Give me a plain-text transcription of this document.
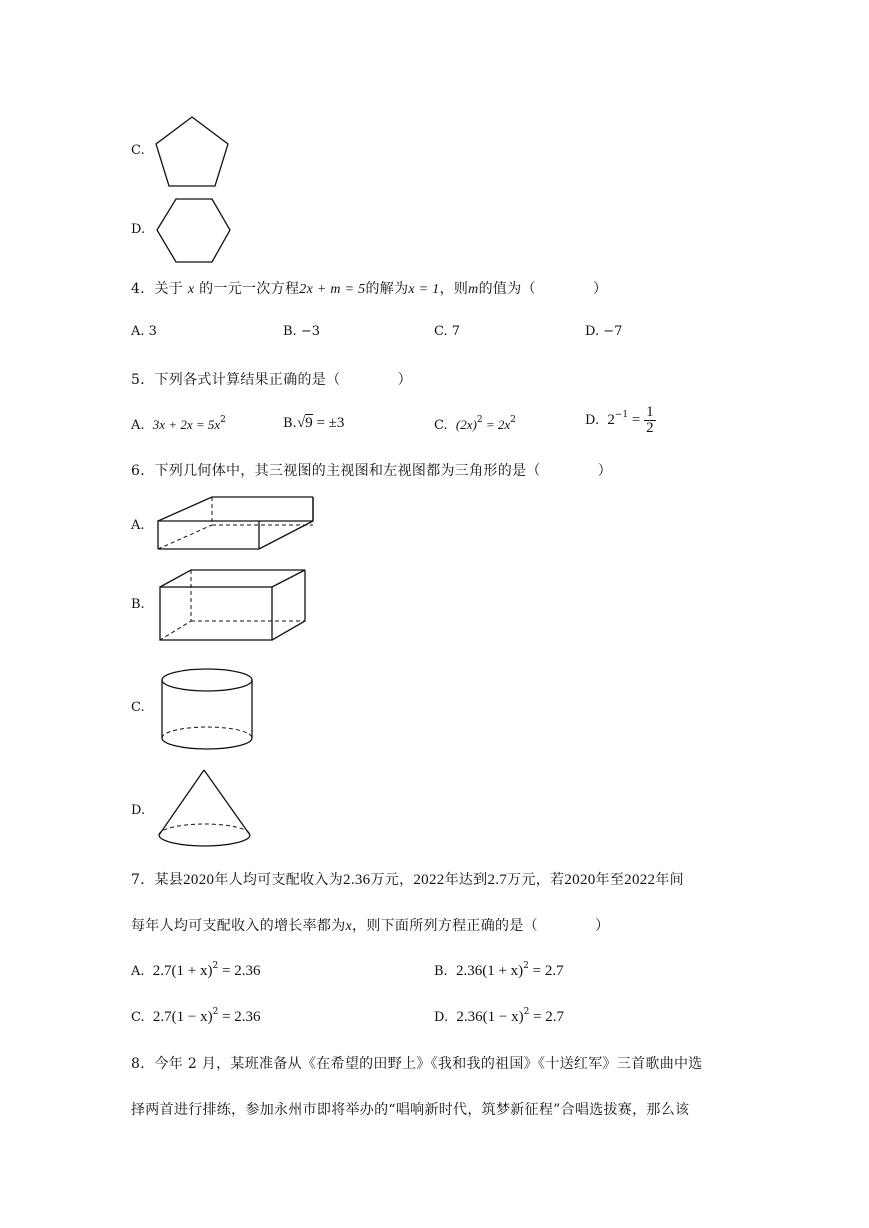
C.
D.
4．关于 x 的一元一次方程2x + m = 5的解为x = 1，则m的值为（　　　　）
A. 3	B. −3	C. 7	D. −7
5．下列各式计算结果正确的是（　　　　）
A. $3x + 2x = 5x^2$	B.  √9 = ±3	C. $(2x)^2 = 2x^2$	D. $2^{-1} = \frac{1}{2}$
6．下列几何体中，其三视图的主视图和左视图都为三角形的是（　　　　）
A.
B.
C.
D.
7．某县2020年人均可支配收入为2.36万元，2022年达到2.7万元，若2020年至2022年间
每年人均可支配收入的增长率都为x，则下面所列方程正确的是（　　　　）
A. $2.7(1 + x)^2 = 2.36$	B. $2.36(1 + x)^2 = 2.7$
C. $2.7(1 - x)^2 = 2.36$	D. $2.36(1 - x)^2 = 2.7$
8．今年 2 月，某班准备从《在希望的田野上》《我和我的祖国》《十送红军》三首歌曲中选
择两首进行排练，参加永州市即将举办的“唱响新时代，筑梦新征程”合唱选拔赛，那么该
